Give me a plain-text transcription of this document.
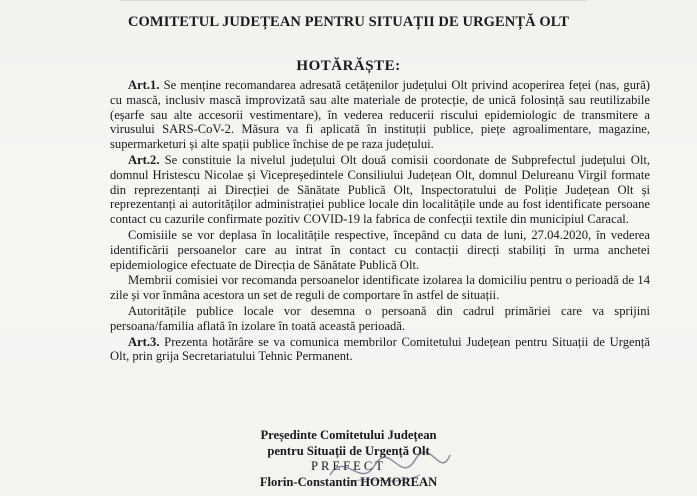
COMITETUL JUDEȚEAN PENTRU SITUAȚII DE URGENȚĂ OLT
HOTĂRĂȘTE:

Art.1. Se menține recomandarea adresată cetățenilor județului Olt privind acoperirea feței (nas, gură) cu mască, inclusiv mască improvizată sau alte materiale de protecție, de unică folosință sau reutilizabile (eșarfe sau alte accesorii vestimentare), în vederea reducerii riscului epidemiologic de transmitere a virusului SARS-CoV-2. Măsura va fi aplicată în instituții publice, piețe agroalimentare, magazine, supermarketuri și alte spații publice închise de pe raza județului.

Art.2. Se constituie la nivelul județului Olt două comisii coordonate de Subprefectul județului Olt, domnul Hristescu Nicolae și Vicepreședintele Consiliului Județean Olt, domnul Delureanu Virgil formate din reprezentanți ai Direcției de Sănătate Publică Olt, Inspectoratului de Poliție Județean Olt și reprezentanți ai autorităților administrației publice locale din localitățile unde au fost identificate persoane contact cu cazurile confirmate pozitiv COVID-19 la fabrica de confecții textile din municipiul Caracal.

Comisiile se vor deplasa în localitățile respective, începând cu data de luni, 27.04.2020, în vederea identificării persoanelor care au intrat în contact cu contacții direcți stabiliți în urma anchetei epidemiologice efectuate de Direcția de Sănătate Publică Olt.

Membrii comisiei vor recomanda persoanelor identificate izolarea la domiciliu pentru o perioadă de 14 zile și vor înmâna acestora un set de reguli de comportare în astfel de situații.

Autoritățile publice locale vor desemna o persoană din cadrul primăriei care va sprijini persoana/familia aflată în izolare în toată această perioadă.

Art.3. Prezenta hotărâre se va comunica membrilor Comitetului Județean pentru Situații de Urgență Olt, prin grija Secretariatului Tehnic Permanent.

Președinte Comitetului Județean
pentru Situații de Urgență Olt
PREFECT
Florin-Constantin HOMOREAN
